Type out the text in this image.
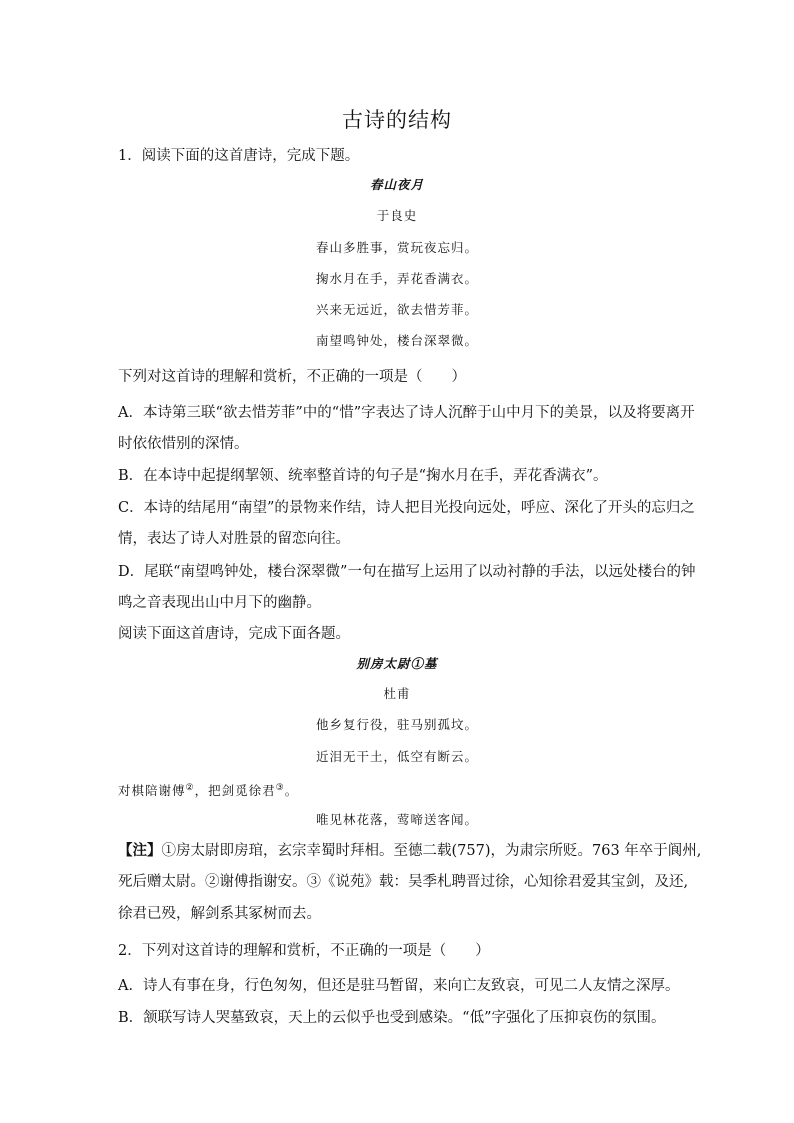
古诗的结构
1．阅读下面的这首唐诗，完成下题。
春山夜月
于良史
春山多胜事，赏玩夜忘归。
掬水月在手，弄花香满衣。
兴来无远近，欲去惜芳菲。
南望鸣钟处，楼台深翠微。
下列对这首诗的理解和赏析，不正确的一项是（　　）
A．本诗第三联“欲去惜芳菲”中的“惜”字表达了诗人沉醉于山中月下的美景，以及将要离开
时依依惜别的深情。
B．在本诗中起提纲挈领、统率整首诗的句子是“掬水月在手，弄花香满衣”。
C．本诗的结尾用“南望”的景物来作结，诗人把目光投向远处，呼应、深化了开头的忘归之
情，表达了诗人对胜景的留恋向往。
D．尾联“南望鸣钟处，楼台深翠微”一句在描写上运用了以动衬静的手法，以远处楼台的钟
鸣之音表现出山中月下的幽静。
阅读下面这首唐诗，完成下面各题。
别房太尉①墓
杜甫
他乡复行役，驻马别孤坟。
近泪无干土，低空有断云。
对棋陪谢傅②，把剑觅徐君③。
唯见林花落，莺啼送客闻。
【注】①房太尉即房琯，玄宗幸蜀时拜相。至德二载(757)，为肃宗所贬。763 年卒于阆州,
死后赠太尉。②谢傅指谢安。③《说苑》载：吴季札聘晋过徐，心知徐君爱其宝剑，及还,
徐君已殁，解剑系其冢树而去。
2．下列对这首诗的理解和赏析，不正确的一项是（　　）
A．诗人有事在身，行色匆匆，但还是驻马暂留，来向亡友致哀，可见二人友情之深厚。
B．颔联写诗人哭墓致哀，天上的云似乎也受到感染。“低”字强化了压抑哀伤的氛围。
